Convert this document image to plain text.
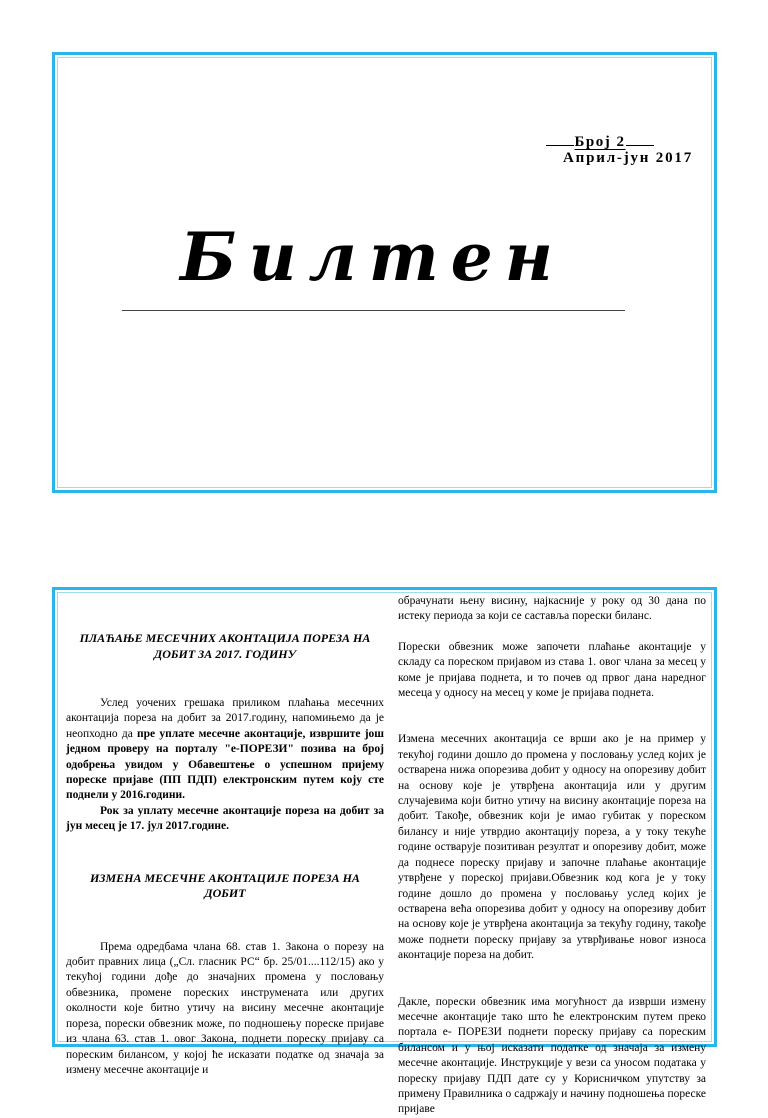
Број 2
Април-јун 2017
Билтен

ПЛАЋАЊЕ МЕСЕЧНИХ АКОНТАЦИЈА ПОРЕЗА НА ДОБИТ ЗА 2017. ГОДИНУ

Услед уочених грешака приликом плаћања месечних аконтација пореза на добит за 2017.годину, напомињемо да је неопходно да пре уплате месечне аконтације, извршите још једном проверу на порталу "е-ПОРЕЗИ" позива на број одобрења увидом у Обавештење о успешном пријему пореске пријаве (ПП ПДП) електронским путем коју сте поднели у 2016.години.

Рок за уплату месечне аконтације пореза на добит за јун месец је 17. јул 2017.године.

ИЗМЕНА МЕСЕЧНЕ АКОНТАЦИЈЕ ПОРЕЗА НА ДОБИТ

Према одредбама члана 68. став 1. Закона о порезу на добит правних лица („Сл. гласник РС“ бр. 25/01....112/15) ако у текућој години дође до значајних промена у пословању обвезника, промене пореских инструмената или других околности које битно утичу на висину месечне аконтације пореза, порески обвезник може, по подношењу пореске пријаве из члана 63. став 1. овог Закона, поднети пореску пријаву са пореским билансом, у којој ће исказати податке од значаја за измену месечне аконтације и

обрачунати њену висину, најкасније у року од 30 дана по истеку периода за који се саставља порески биланс.

Порески обвезник може започети плаћање аконтације у складу са пореском пријавом из става 1. овог члана за месец у коме је пријава поднета, и то почев од првог дана наредног месеца у односу на месец у коме је пријава поднета.

Измена месечних аконтација се врши ако је на пример у текућој години дошло до промена у пословању услед којих је остварена нижа опорезива добит у односу на опорезиву добит на основу које је утврђена аконтација или у другим случајевима који битно утичу на висину аконтације пореза на добит. Такође, обвезник који је имао губитак у пореском билансу и није утврдио аконтацију пореза, а у току текуће године остварује позитиван резултат и опорезиву добит, може да поднесе пореску пријаву и започне плаћање аконтације утврђене у пореској пријави.Обвезник код кога је у току године дошло до промена у пословању услед којих је остварена већа опорезива добит у односу на опорезиву добит на основу које је утврђена аконтација за текућу годину, такође може поднети пореску пријаву за утврђивање новог износа аконтације пореза на добит.

Дакле, порески обвезник има могућност да изврши измену месечне аконтације тако што ће електронским путем преко портала е- ПОРЕЗИ поднети пореску пријаву са пореским билансом и у њој исказати податке од значаја за измену месечне аконтације. Инструкције у вези са уносом података у пореску пријаву ПДП дате су у Корисничком упутству за примену Правилника о садржају и начину подношења пореске пријаве
